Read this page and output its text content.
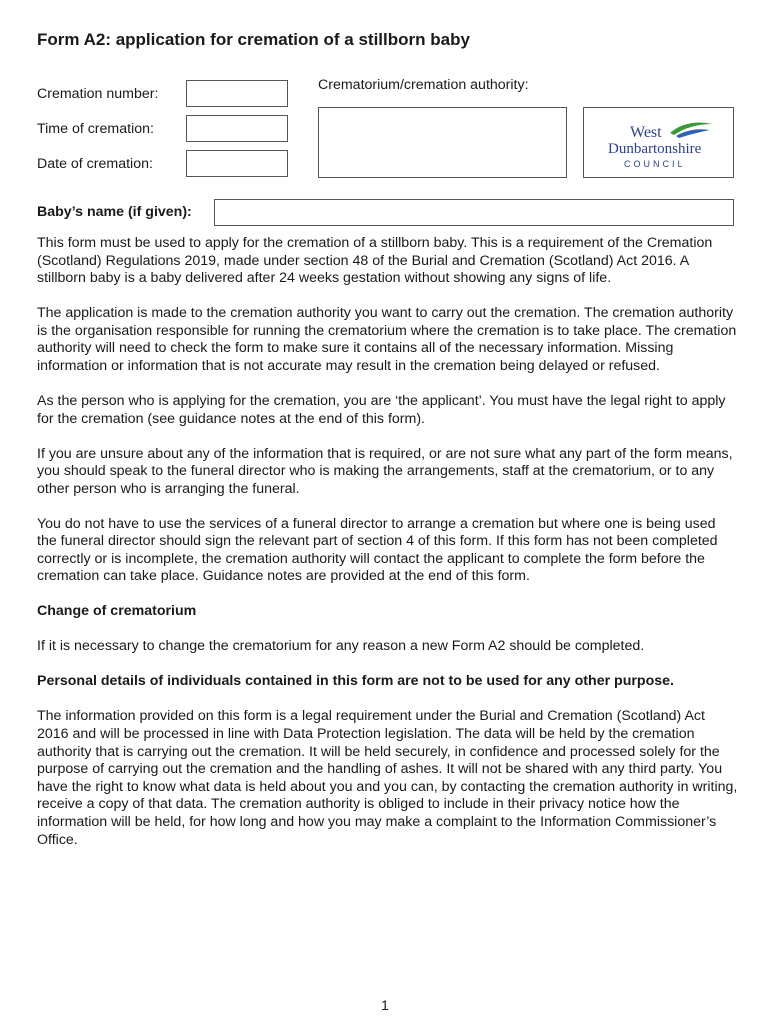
Form A2: application for cremation of a stillborn baby
Cremation number:
Time of cremation:
Date of cremation:
Crematorium/cremation authority:
West
Dunbartonshire
COUNCIL
Baby’s name (if given):

This form must be used to apply for the cremation of a stillborn baby. This is a requirement of the Cremation (Scotland) Regulations 2019, made under section 48 of the Burial and Cremation (Scotland) Act 2016. A stillborn baby is a baby delivered after 24 weeks gestation without showing any signs of life.

The application is made to the cremation authority you want to carry out the cremation. The cremation authority is the organisation responsible for running the crematorium where the cremation is to take place. The cremation authority will need to check the form to make sure it contains all of the necessary information. Missing information or information that is not accurate may result in the cremation being delayed or refused.

As the person who is applying for the cremation, you are ‘the applicant’. You must have the legal right to apply for the cremation (see guidance notes at the end of this form).

If you are unsure about any of the information that is required, or are not sure what any part of the form means, you should speak to the funeral director who is making the arrangements, staff at the crematorium, or to any other person who is arranging the funeral.

You do not have to use the services of a funeral director to arrange a cremation but where one is being used the funeral director should sign the relevant part of section 4 of this form. If this form has not been completed correctly or is incomplete, the cremation authority will contact the applicant to complete the form before the cremation can take place. Guidance notes are provided at the end of this form.

Change of crematorium

If it is necessary to change the crematorium for any reason a new Form A2 should be completed.

Personal details of individuals contained in this form are not to be used for any other purpose.

The information provided on this form is a legal requirement under the Burial and Cremation (Scotland) Act 2016 and will be processed in line with Data Protection legislation. The data will be held by the cremation authority that is carrying out the cremation. It will be held securely, in confidence and processed solely for the purpose of carrying out the cremation and the handling of ashes. It will not be shared with any third party. You have the right to know what data is held about you and you can, by contacting the cremation authority in writing, receive a copy of that data. The cremation authority is obliged to include in their privacy notice how the information will be held, for how long and how you may make a complaint to the Information Commissioner’s Office.

1
